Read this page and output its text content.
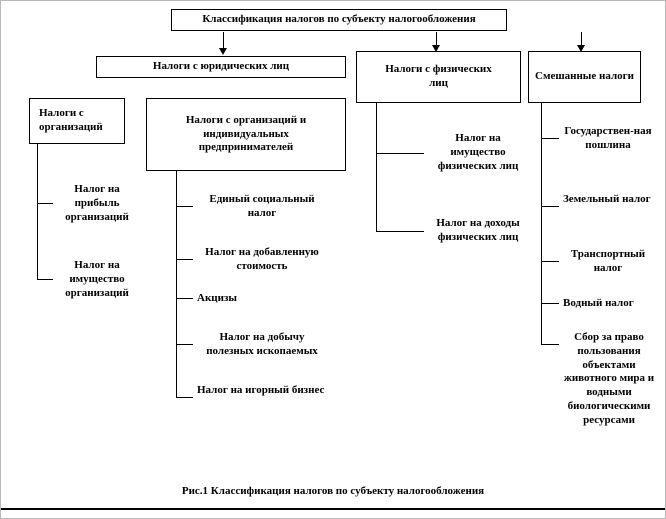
Классификация налогов по субъекту налогообложения
Налоги с юридических лиц	Налоги с физических лиц
Смешанные налоги
Налоги с организаций
Налоги с организаций и индивидуальных предпринимателей
Налог на прибыль организаций
Налог на имущество организаций
Единый социальный налог
Налог на добавленную стоимость
Акцизы
Налог на добычу полезных ископаемых
Налог на игорный бизнес
Налог на имущество физических лиц
Налог на доходы физических лиц
Государствен-ная пошлина
Земельный налог
Транспортный налог
Водный налог
Сбор за право пользования объектами животного мира и водными биологическими ресурсами
Рис.1 Классификация налогов по субъекту налогообложения
